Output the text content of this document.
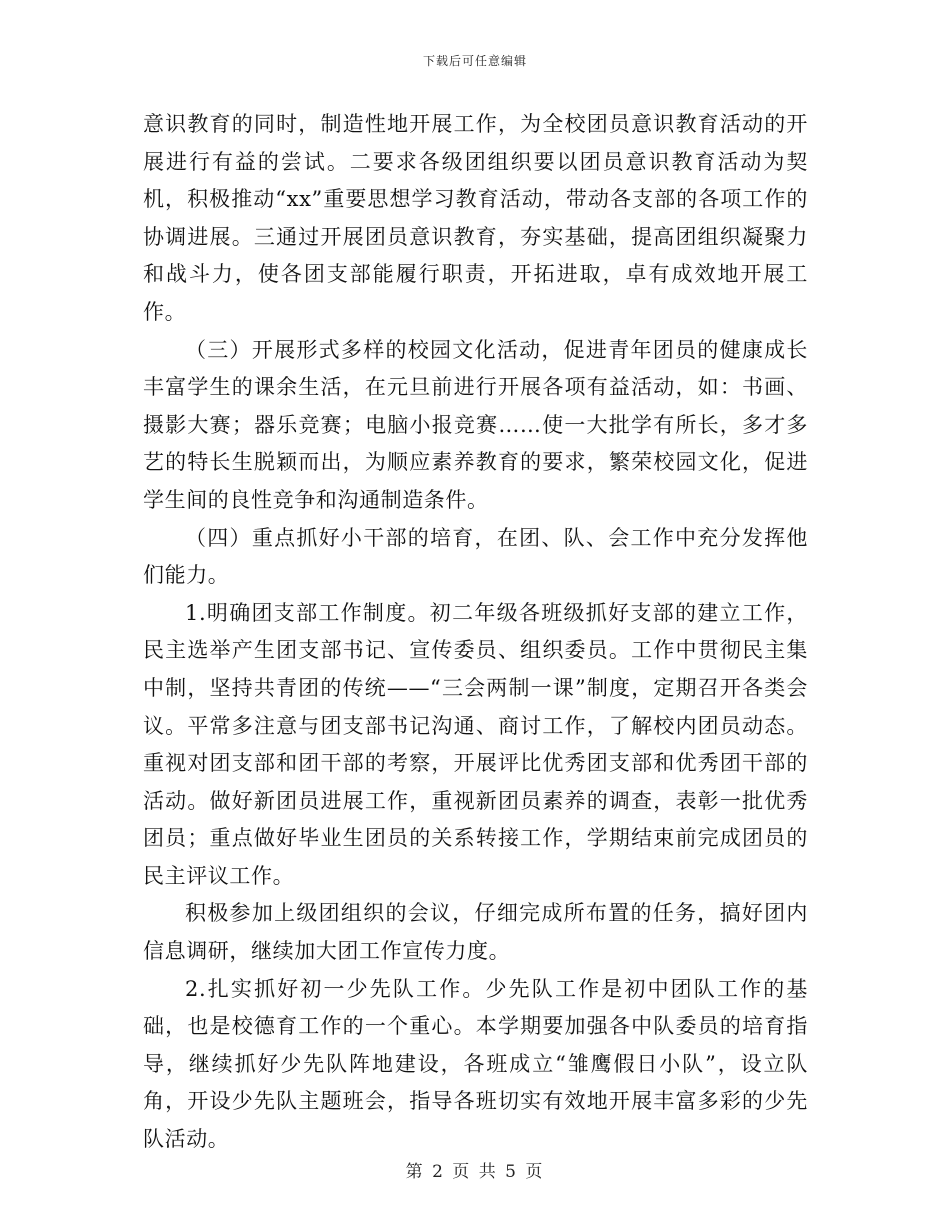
下载后可任意编辑

意识教育的同时，制造性地开展工作，为全校团员意识教育活动的开展进行有益的尝试。二要求各级团组织要以团员意识教育活动为契机，积极推动“xx”重要思想学习教育活动，带动各支部的各项工作的协调进展。三通过开展团员意识教育，夯实基础，提高团组织凝聚力和战斗力，使各团支部能履行职责，开拓进取，卓有成效地开展工作。

（三）开展形式多样的校园文化活动，促进青年团员的健康成长丰富学生的课余生活，在元旦前进行开展各项有益活动，如：书画、摄影大赛；器乐竞赛；电脑小报竞赛……使一大批学有所长，多才多艺的特长生脱颖而出，为顺应素养教育的要求，繁荣校园文化，促进学生间的良性竞争和沟通制造条件。

（四）重点抓好小干部的培育，在团、队、会工作中充分发挥他们能力。

1.明确团支部工作制度。初二年级各班级抓好支部的建立工作，民主选举产生团支部书记、宣传委员、组织委员。工作中贯彻民主集中制，坚持共青团的传统——“三会两制一课”制度，定期召开各类会议。平常多注意与团支部书记沟通、商讨工作，了解校内团员动态。重视对团支部和团干部的考察，开展评比优秀团支部和优秀团干部的活动。做好新团员进展工作，重视新团员素养的调查，表彰一批优秀团员；重点做好毕业生团员的关系转接工作，学期结束前完成团员的民主评议工作。

积极参加上级团组织的会议，仔细完成所布置的任务，搞好团内信息调研，继续加大团工作宣传力度。

2.扎实抓好初一少先队工作。少先队工作是初中团队工作的基础，也是校德育工作的一个重心。本学期要加强各中队委员的培育指导，继续抓好少先队阵地建设，各班成立“雏鹰假日小队”，设立队角，开设少先队主题班会，指导各班切实有效地开展丰富多彩的少先队活动。

第 2 页 共 5 页
